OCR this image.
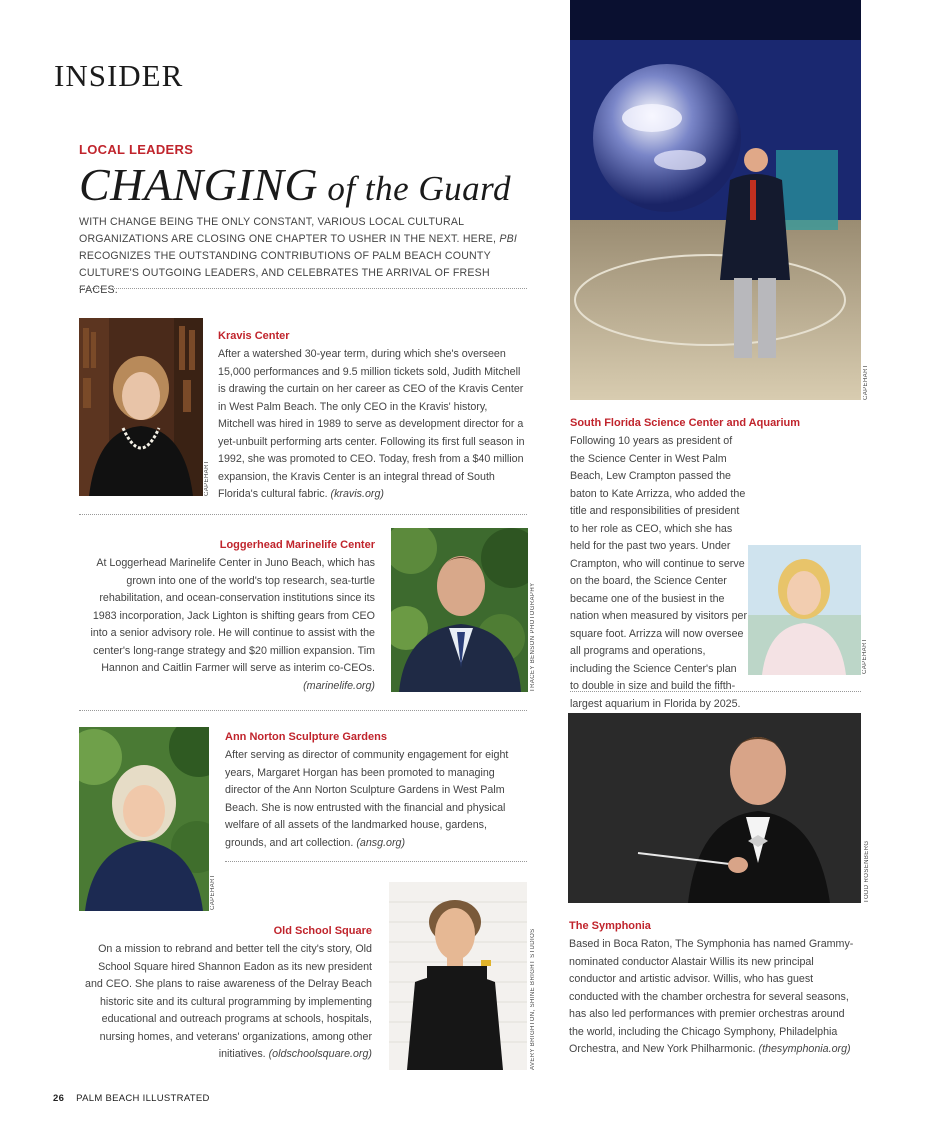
INSIDER
LOCAL LEADERS
CHANGING of the Guard
WITH CHANGE BEING THE ONLY CONSTANT, VARIOUS LOCAL CULTURAL ORGANIZATIONS ARE CLOSING ONE CHAPTER TO USHER IN THE NEXT. HERE, PBI RECOGNIZES THE OUTSTANDING CONTRIBUTIONS OF PALM BEACH COUNTY CULTURE'S OUTGOING LEADERS, AND CELEBRATES THE ARRIVAL OF FRESH FACES.
CAPEHART
Kravis Center
After a watershed 30-year term, during which she's overseen 15,000 performances and 9.5 million tickets sold, Judith Mitchell is drawing the curtain on her career as CEO of the Kravis Center in West Palm Beach. The only CEO in the Kravis' history, Mitchell was hired in 1989 to serve as development director for a yet-unbuilt performing arts center. Following its first full season in 1992, she was promoted to CEO. Today, fresh from a $40 million expansion, the Kravis Center is an integral thread of South Florida's cultural fabric. (kravis.org)
Loggerhead Marinelife Center
At Loggerhead Marinelife Center in Juno Beach, which has grown into one of the world's top research, sea-turtle rehabilitation, and ocean-conservation institutions since its 1983 incorporation, Jack Lighton is shifting gears from CEO into a senior advisory role. He will continue to assist with the center's long-range strategy and $20 million expansion. Tim Hannon and Caitlin Farmer will serve as interim co-CEOs. (marinelife.org)	TRACEY BENSON PHOTOGRAPHY
CAPEHART
Ann Norton Sculpture Gardens
After serving as director of community engagement for eight years, Margaret Horgan has been promoted to managing director of the Ann Norton Sculpture Gardens in West Palm Beach. She is now entrusted with the financial and physical welfare of all assets of the landmarked house, gardens, grounds, and art collection. (ansg.org)
Old School Square
On a mission to rebrand and better tell the city's story, Old School Square hired Shannon Eadon as its new president and CEO. She plans to raise awareness of the Delray Beach historic site and its cultural programming by implementing educational and outreach programs at schools, hospitals, nursing homes, and veterans' organizations, among other initiatives. (oldschoolsquare.org)	AVERY BRIGHTON, SHINE BRIGHT STUDIOS
CAPEHART
South Florida Science Center and Aquarium
Following 10 years as president of the Science Center in West Palm Beach, Lew Crampton passed the baton to Kate Arrizza, who added the title and responsibilities of president to her role as CEO, which she has held for the past two years. Under Crampton, who will continue to serve on the board, the Science Center became one of the busiest in the nation when measured by visitors per square foot. Arrizza will now oversee all programs and operations, including the Science Center's plan to double in size and build the fifth-largest aquarium in Florida by 2025.
CAPEHART
TODD ROSENBERG
The Symphonia
Based in Boca Raton, The Symphonia has named Grammy-nominated conductor Alastair Willis its new principal conductor and artistic advisor. Willis, who has guest conducted with the chamber orchestra for several seasons, has also led performances with premier orchestras around the world, including the Chicago Symphony, Philadelphia Orchestra, and New York Philharmonic. (thesymphonia.org)
26 PALM BEACH ILLUSTRATED
